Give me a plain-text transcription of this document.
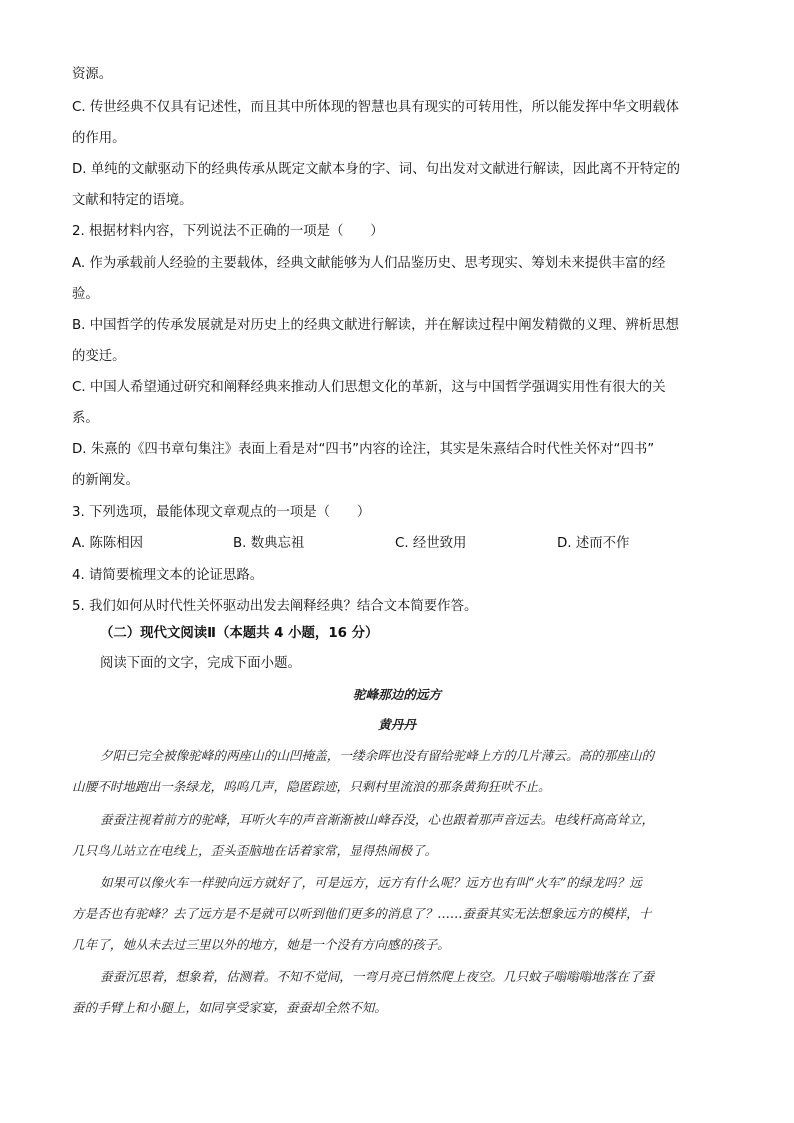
资源。
C. 传世经典不仅具有记述性，而且其中所体现的智慧也具有现实的可转用性，所以能发挥中华文明载体
的作用。
D. 单纯的文献驱动下的经典传承从既定文献本身的字、词、句出发对文献进行解读，因此离不开特定的
文献和特定的语境。
2. 根据材料内容，下列说法不正确的一项是（　　）
A. 作为承载前人经验的主要载体，经典文献能够为人们品鉴历史、思考现实、筹划未来提供丰富的经
验。
B. 中国哲学的传承发展就是对历史上的经典文献进行解读，并在解读过程中阐发精微的义理、辨析思想
的变迁。
C. 中国人希望通过研究和阐释经典来推动人们思想文化的革新，这与中国哲学强调实用性有很大的关
系。
D. 朱熹的《四书章句集注》表面上看是对“四书”内容的诠注，其实是朱熹结合时代性关怀对“四书”
的新阐发。
3. 下列选项，最能体现文章观点的一项是（　　）
A. 陈陈相因	B. 数典忘祖	C. 经世致用	D. 述而不作
4. 请简要梳理文本的论证思路。
5. 我们如何从时代性关怀驱动出发去阐释经典？结合文本简要作答。
（二）现代文阅读Ⅱ（本题共 4 小题，16 分）
阅读下面的文字，完成下面小题。
驼峰那边的远方
黄丹丹
夕阳已完全被像驼峰的两座山的山凹掩盖，一缕余晖也没有留给驼峰上方的几片薄云。高的那座山的
山腰不时地跑出一条绿龙，呜呜几声，隐匿踪迹，只剩村里流浪的那条黄狗狂吠不止。
蚕蚕注视着前方的驼峰，耳听火车的声音渐渐被山峰吞没，心也跟着那声音远去。电线杆高高耸立，
几只鸟儿站立在电线上，歪头歪脑地在话着家常，显得热闹极了。
如果可以像火车一样驶向远方就好了，可是远方，远方有什么呢？远方也有叫“火车”的绿龙吗？远
方是否也有驼峰？去了远方是不是就可以听到他们更多的消息了？……蚕蚕其实无法想象远方的模样，十
几年了，她从未去过三里以外的地方，她是一个没有方向感的孩子。
蚕蚕沉思着，想象着，估测着。不知不觉间，一弯月亮已悄然爬上夜空。几只蚊子嗡嗡嗡地落在了蚕
蚕的手臂上和小腿上，如同享受家宴，蚕蚕却全然不知。
